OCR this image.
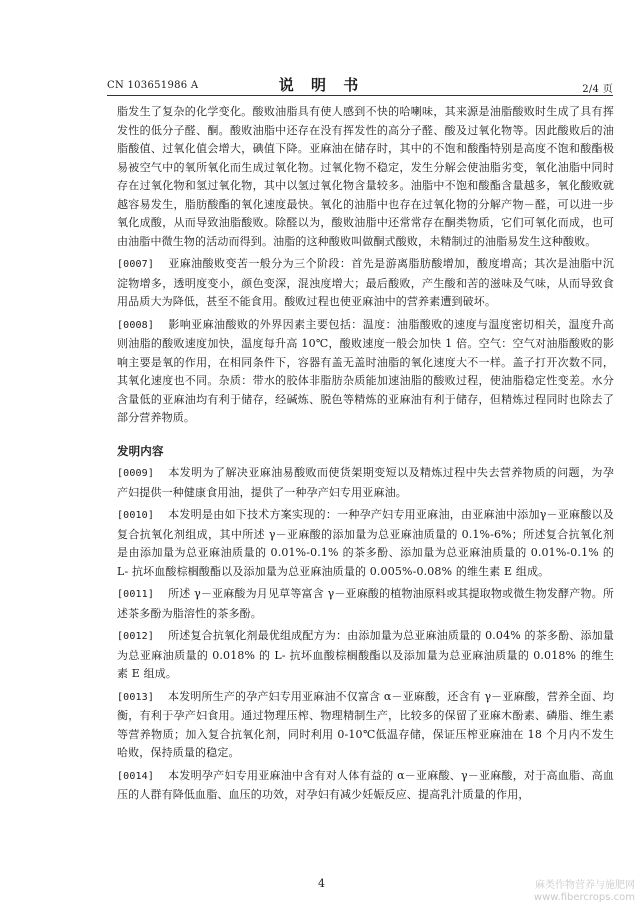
CN 103651986 A	说 明 书	2/4 页

脂发生了复杂的化学变化。酸败油脂具有使人感到不快的哈喇味，其来源是油脂酸败时生成了具有挥发性的低分子醛、酮。酸败油脂中还存在没有挥发性的高分子醛、酸及过氧化物等。因此酸败后的油脂酸值、过氧化值会增大，碘值下降。亚麻油在储存时，其中的不饱和酸酯特别是高度不饱和酸酯极易被空气中的氧所氧化而生成过氧化物。过氧化物不稳定，发生分解会使油脂劣变，氧化油脂中同时存在过氧化物和氢过氧化物，其中以氢过氧化物含量较多。油脂中不饱和酸酯含量越多，氧化酸败就越容易发生，脂肪酸酯的氧化速度最快。氧化的油脂中也存在过氧化物的分解产物－醛，可以进一步氧化成酸，从而导致油脂酸败。除醛以为，酸败油脂中还常常存在酮类物质，它们可氧化而成，也可由油脂中微生物的活动而得到。油脂的这种酸败叫做酮式酸败，未精制过的油脂易发生这种酸败。

[0007] 亚麻油酸败变苦一般分为三个阶段：首先是游离脂肪酸增加，酸度增高；其次是油脂中沉淀物增多，透明度变小，颜色变深，混浊度增大；最后酸败，产生酸和苦的滋味及气味，从而导致食用品质大为降低，甚至不能食用。酸败过程也使亚麻油中的营养素遭到破坏。

[0008] 影响亚麻油酸败的外界因素主要包括：温度：油脂酸败的速度与温度密切相关，温度升高则油脂的酸败速度加快，温度每升高 10℃，酸败速度一般会加快 1 倍。空气：空气对油脂酸败的影响主要是氧的作用，在相同条件下，容器有盖无盖时油脂的氧化速度大不一样。盖子打开次数不同，其氧化速度也不同。杂质：带水的胶体非脂肪杂质能加速油脂的酸败过程，使油脂稳定性变差。水分含量低的亚麻油均有利于储存，经碱炼、脱色等精炼的亚麻油有利于储存，但精炼过程同时也除去了部分营养物质。

发明内容

[0009] 本发明为了解决亚麻油易酸败而使货架期变短以及精炼过程中失去营养物质的问题，为孕产妇提供一种健康食用油，提供了一种孕产妇专用亚麻油。

[0010] 本发明是由如下技术方案实现的：一种孕产妇专用亚麻油，由亚麻油中添加γ－亚麻酸以及复合抗氧化剂组成，其中所述 γ－亚麻酸的添加量为总亚麻油质量的 0.1%-6%；所述复合抗氧化剂是由添加量为总亚麻油质量的 0.01%-0.1% 的茶多酚、添加量为总亚麻油质量的 0.01%-0.1% 的 L- 抗坏血酸棕榈酸酯以及添加量为总亚麻油质量的 0.005%-0.08% 的维生素 E 组成。

[0011] 所述 γ－亚麻酸为月见草等富含 γ－亚麻酸的植物油原料或其提取物或微生物发酵产物。所述茶多酚为脂溶性的茶多酚。

[0012] 所述复合抗氧化剂最优组成配方为：由添加量为总亚麻油质量的 0.04% 的茶多酚、添加量为总亚麻油质量的 0.018% 的 L- 抗坏血酸棕榈酸酯以及添加量为总亚麻油质量的 0.018% 的维生素 E 组成。

[0013] 本发明所生产的孕产妇专用亚麻油不仅富含 α－亚麻酸，还含有 γ－亚麻酸，营养全面、均衡，有利于孕产妇食用。通过物理压榨、物理精制生产，比较多的保留了亚麻木酚素、磷脂、维生素等营养物质；加入复合抗氧化剂，同时利用 0-10℃低温存储，保证压榨亚麻油在 18 个月内不发生哈败，保持质量的稳定。

[0014] 本发明孕产妇专用亚麻油中含有对人体有益的 α－亚麻酸、γ－亚麻酸，对于高血脂、高血压的人群有降低血脂、血压的功效，对孕妇有减少妊娠反应、提高乳汁质量的作用，

4	麻类作物营养与施肥网
www.fibercrops.com
